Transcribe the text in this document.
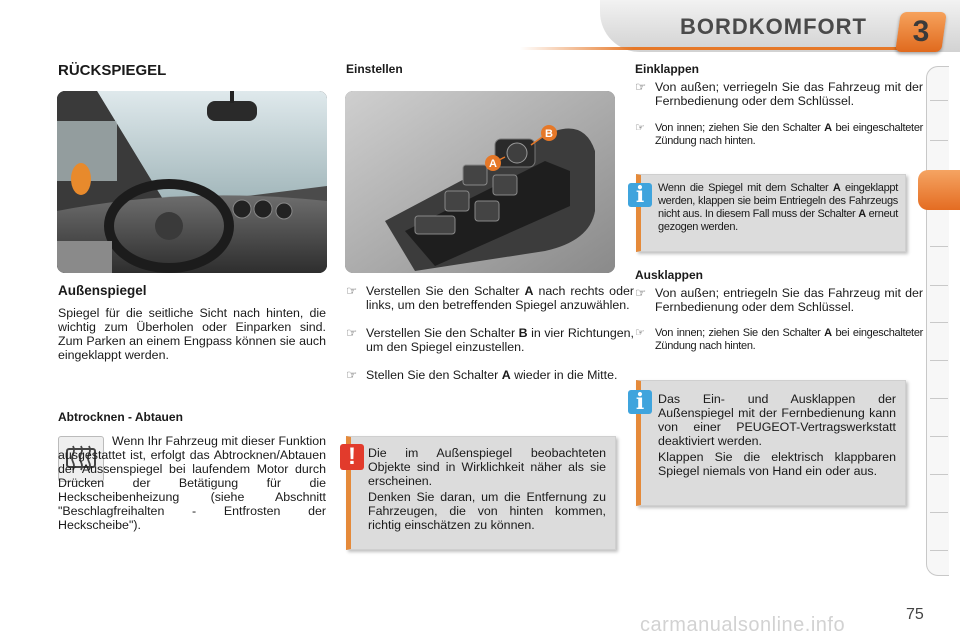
BORDKOMFORT	3
RÜCKSPIEGEL
Außenspiegel
Spiegel für die seitliche Sicht nach hinten, die wichtig zum Überholen oder Einparken sind. Zum Parken an einem Engpass können sie auch eingeklappt werden.
Abtrocknen - Abtauen
Wenn Ihr Fahrzeug mit dieser Funktion ausgestattet ist, erfolgt das Abtrocknen/Abtauen der Aussenspiegel bei laufendem Motor durch Drücken der Betätigung für die Heckscheibenheizung (siehe Abschnitt "Beschlagfreihalten - Entfrosten der Heckscheibe").
Einstellen
A
B
☞ Verstellen Sie den Schalter A nach rechts oder links, um den betreffenden Spiegel anzuwählen.
☞ Verstellen Sie den Schalter B in vier Richtungen, um den Spiegel einzustellen.
☞ Stellen Sie den Schalter A wieder in die Mitte.
! Die im Außenspiegel beobachteten Objekte sind in Wirklichkeit näher als sie erscheinen.
Denken Sie daran, um die Entfernung zu Fahrzeugen, die von hinten kommen, richtig einschätzen zu können.
Einklappen
☞ Von außen; verriegeln Sie das Fahrzeug mit der Fernbedienung oder dem Schlüssel.
☞ Von innen; ziehen Sie den Schalter A bei eingeschalteter Zündung nach hinten.
i	Wenn die Spiegel mit dem Schalter A eingeklappt werden, klappen sie beim Entriegeln des Fahrzeugs nicht aus. In diesem Fall muss der Schalter A erneut gezogen werden.
Ausklappen
☞ Von außen; entriegeln Sie das Fahrzeug mit der Fernbedienung oder dem Schlüssel.
☞ Von innen; ziehen Sie den Schalter A bei eingeschalteter Zündung nach hinten.
i	Das Ein- und Ausklappen der Außenspiegel mit der Fernbedienung kann von einer PEUGEOT-Vertragswerkstatt deaktiviert werden.
Klappen Sie die elektrisch klappbaren Spiegel niemals von Hand ein oder aus.
75
carmanualsonline.info
